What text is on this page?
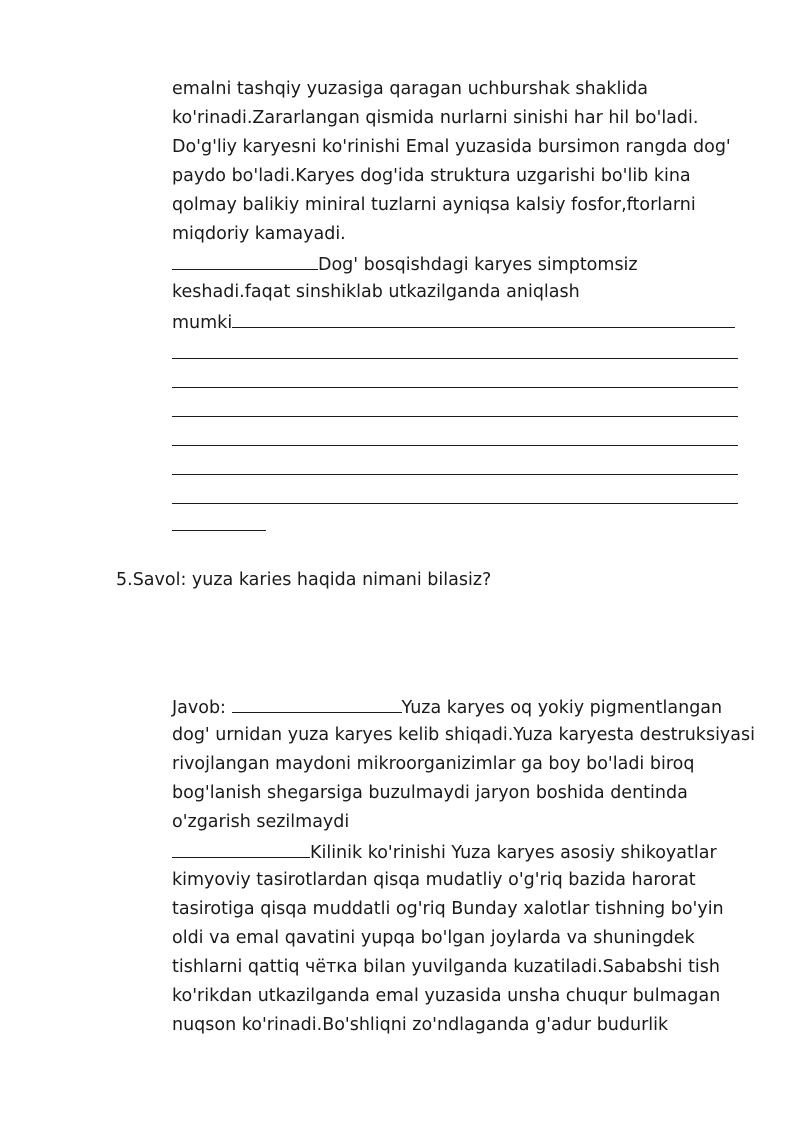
emalni tashqiy yuzasiga qaragan uchburshak shaklida
ko'rinadi.Zararlangan qismida nurlarni sinishi har hil bo'ladi.
Do'g'liy karyesni ko'rinishi Emal yuzasida bursimon rangda dog'
paydo bo'ladi.Karyes dog'ida struktura uzgarishi bo'lib kina
qolmay balikiy miniral tuzlarni ayniqsa kalsiy fosfor,ftorlarni
miqdoriy kamayadi.
Dog' bosqishdagi karyes simptomsiz
keshadi.faqat sinshiklab utkazilganda aniqlash
mumki
5.Savol: yuza karies haqida nimani bilasiz?
Javob:	Yuza karyes oq yokiy pigmentlangan
dog' urnidan yuza karyes kelib shiqadi.Yuza karyesta destruksiyasi
rivojlangan maydoni mikroorganizimlar ga boy bo'ladi biroq
bog'lanish shegarsiga buzulmaydi jaryon boshida dentinda
o'zgarish sezilmaydi
Kilinik ko'rinishi Yuza karyes asosiy shikoyatlar
kimyoviy tasirotlardan qisqa mudatliy o'g'riq bazida harorat
tasirotiga qisqa muddatli og'riq Bunday xalotlar tishning bo'yin
oldi va emal qavatini yupqa bo'lgan joylarda va shuningdek
tishlarni qattiq чётка bilan yuvilganda kuzatiladi.Sababshi tish
ko'rikdan utkazilganda emal yuzasida unsha chuqur bulmagan
nuqson ko'rinadi.Bo'shliqni zo'ndlaganda g'adur budurlik
